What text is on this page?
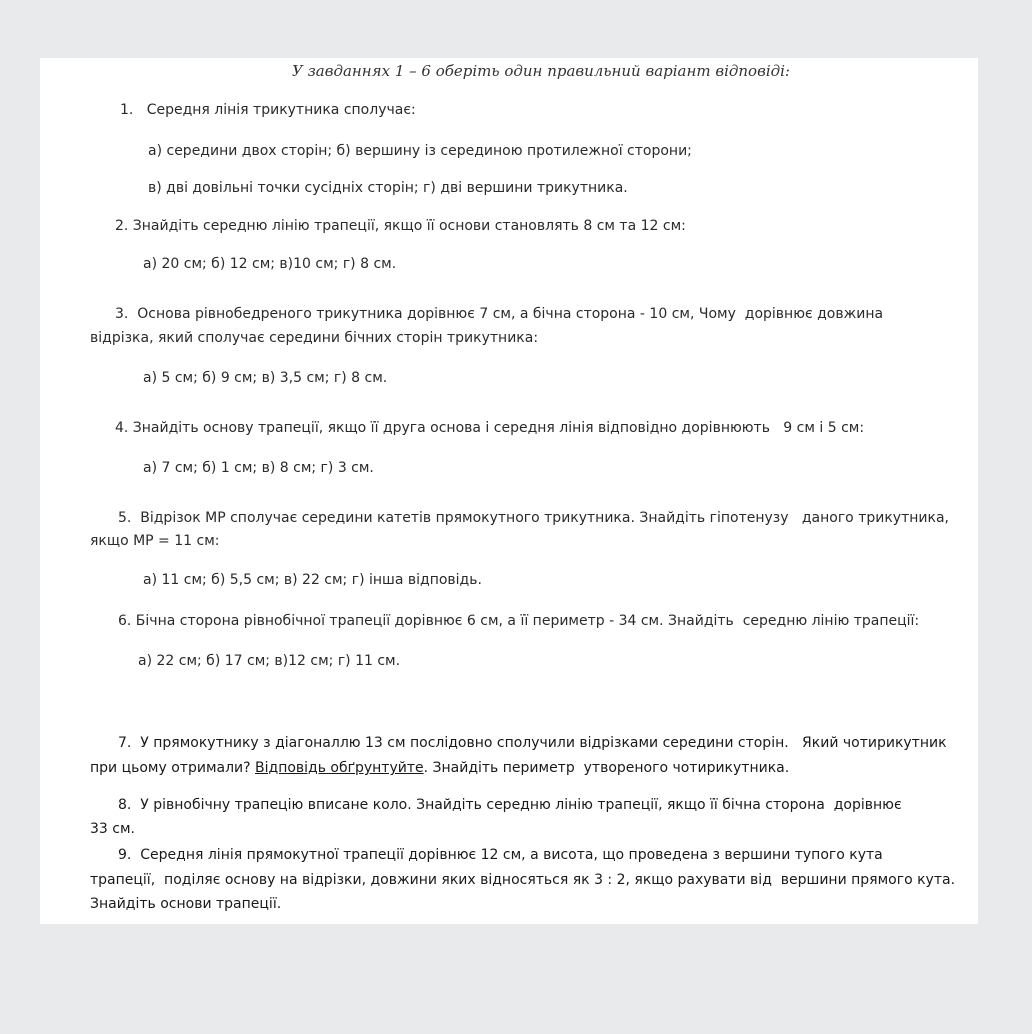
У завданнях 1 – 6 оберіть один правильний варіант відповіді:
1.   Середня лінія трикутника сполучає:
а) середини двох сторін; б) вершину із серединою протилежної сторони;
в) дві довільні точки сусідніх сторін; г) дві вершини трикутника.
2. Знайдіть середню лінію трапеції, якщо її основи становлять 8 см та 12 см:
а) 20 см; б) 12 см; в)10 см; г) 8 см.
3.  Основа рівнобедреного трикутника дорівнює 7 см, а бічна сторона - 10 см, Чому  дорівнює довжина
відрізка, який сполучає середини бічних сторін трикутника:
а) 5 см; б) 9 см; в) 3,5 см; г) 8 см.
4. Знайдіть основу трапеції, якщо її друга основа і середня лінія відповідно дорівнюють   9 см і 5 см:
а) 7 см; б) 1 см; в) 8 см; г) 3 см.
5.  Відрізок MP сполучає середини катетів прямокутного трикутника. Знайдіть гіпотенузу   даного трикутника,
якщо MP = 11 см:
а) 11 см; б) 5,5 см; в) 22 см; г) інша відповідь.
6. Бічна сторона рівнобічної трапеції дорівнює 6 см, а її периметр - 34 см. Знайдіть  середню лінію трапеції:
а) 22 см; б) 17 см; в)12 см; г) 11 см.
7.  У прямокутнику з діагоналлю 13 см послідовно сполучили відрізками середини сторін.   Який чотирикутник
при цьому отримали? Відповідь обґрунтуйте. Знайдіть периметр  утвореного чотирикутника.
8.  У рівнобічну трапецію вписане коло. Знайдіть середню лінію трапеції, якщо її бічна сторона  дорівнює
33 см.
9.  Середня лінія прямокутної трапеції дорівнює 12 см, а висота, що проведена з вершини тупого кута
трапеції,  поділяє основу на відрізки, довжини яких відносяться як 3 : 2, якщо рахувати від  вершини прямого кута.
Знайдіть основи трапеції.
